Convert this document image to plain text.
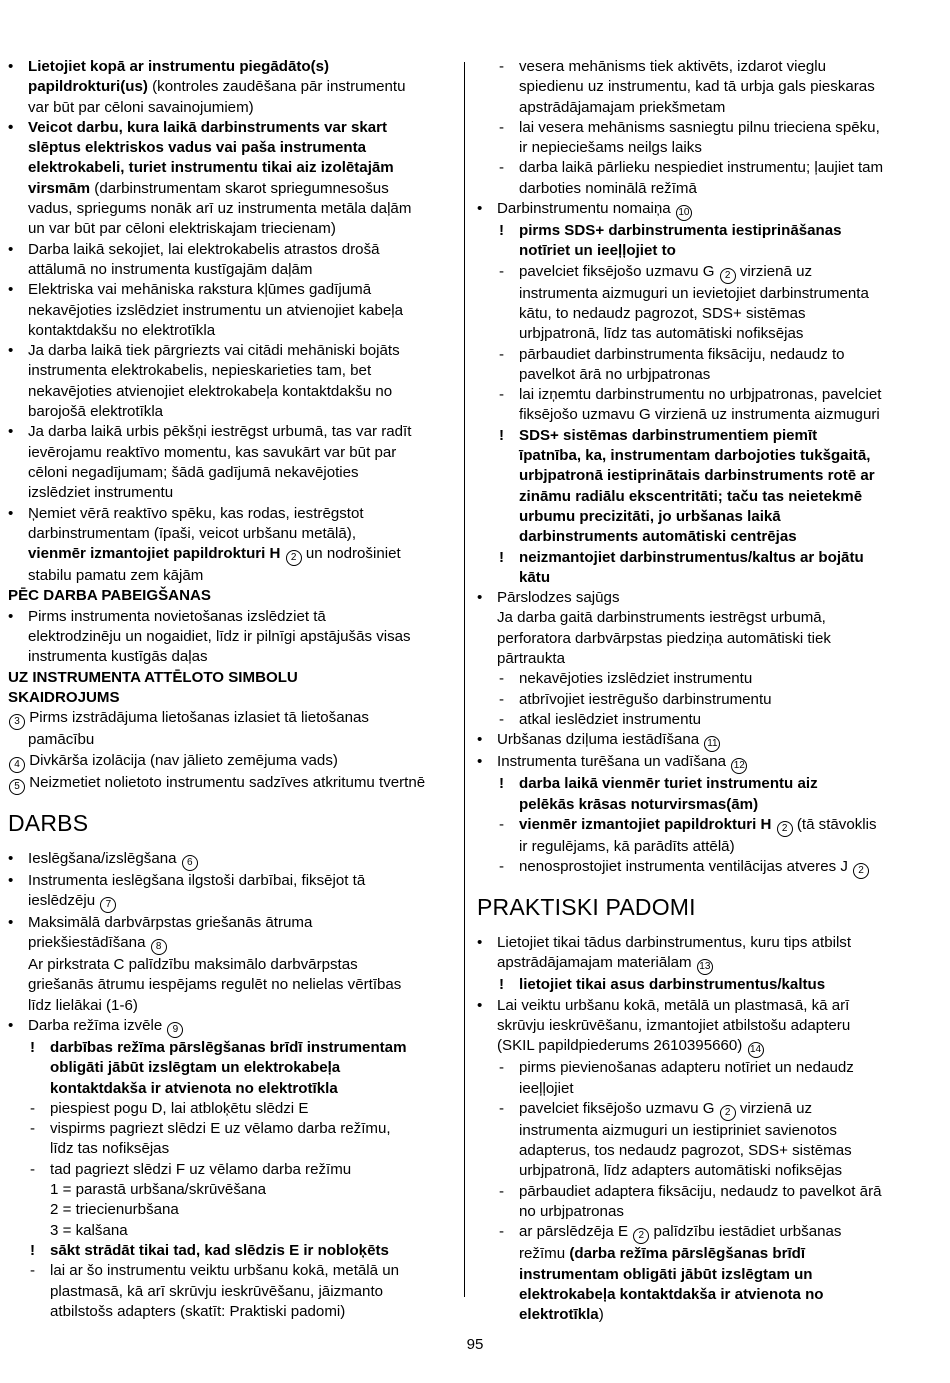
• Lietojiet kopā ar instrumentu piegādāto(s)
papildrokturi(us) (kontroles zaudēšana pār instrumentu
var būt par cēloni savainojumiem)
• Veicot darbu, kura laikā darbinstruments var skart
slēptus elektriskos vadus vai paša instrumenta
elektrokabeli, turiet instrumentu tikai aiz izolētajām
virsmām (darbinstrumentam skarot spriegumnesošus
vadus, spriegums nonāk arī uz instrumenta metāla daļām
un var būt par cēloni elektriskajam triecienam)
• Darba laikā sekojiet, lai elektrokabelis atrastos drošā
attālumā no instrumenta kustīgajām daļām
• Elektriska vai mehāniska rakstura kļūmes gadījumā
nekavējoties izslēdziet instrumentu un atvienojiet kabeļa
kontaktdakšu no elektrotīkla
• Ja darba laikā tiek pārgriezts vai citādi mehāniski bojāts
instrumenta elektrokabelis, nepieskarieties tam, bet
nekavējoties atvienojiet elektrokabeļa kontaktdakšu no
barojošā elektrotīkla
• Ja darba laikā urbis pēkšņi iestrēgst urbumā, tas var radīt
ievērojamu reaktīvo momentu, kas savukārt var būt par
cēloni negadījumam; šādā gadījumā nekavējoties
izslēdziet instrumentu
• Ņemiet vērā reaktīvo spēku, kas rodas, iestrēgstot
darbinstrumentam (īpaši, veicot urbšanu metālā),
vienmēr izmantojiet papildrokturi H 2 un nodrošiniet
stabilu pamatu zem kājām
PĒC DARBA PABEIGŠANAS
• Pirms instrumenta novietošanas izslēdziet tā
elektrodzinēju un nogaidiet, līdz ir pilnīgi apstājušās visas
instrumenta kustīgās daļas
UZ INSTRUMENTA ATTĒLOTO SIMBOLU
SKAIDROJUMS
3 Pirms izstrādājuma lietošanas izlasiet tā lietošanas
pamācību
4 Divkārša izolācija (nav jālieto zemējuma vads)
5 Neizmetiet nolietoto instrumentu sadzīves atkritumu tvertnē
DARBS
• Ieslēgšana/izslēgšana 6
• Instrumenta ieslēgšana ilgstoši darbībai, fiksējot tā
ieslēdzēju 7
• Maksimālā darbvārpstas griešanās ātruma
priekšiestādīšana 8
Ar pirkstrata C palīdzību maksimālo darbvārpstas
griešanās ātrumu iespējams regulēt no nelielas vērtības
līdz lielākai (1-6)
• Darba režīma izvēle 9
! darbības režīma pārslēgšanas brīdī instrumentam
obligāti jābūt izslēgtam un elektrokabeļa
kontaktdakša ir atvienota no elektrotīkla
- piespiest pogu D, lai atbloķētu slēdzi E
- vispirms pagriezt slēdzi E uz vēlamo darba režīmu,
līdz tas nofiksējas
- tad pagriezt slēdzi F uz vēlamo darba režīmu
1 = parastā urbšana/skrūvēšana
2 = triecienurbšana
3 = kalšana
! sākt strādāt tikai tad, kad slēdzis E ir nobloķēts
- lai ar šo instrumentu veiktu urbšanu kokā, metālā un
plastmasā, kā arī skrūvju ieskrūvēšanu, jāizmanto
atbilstošs adapters (skatīt: Praktiski padomi)
- vesera mehānisms tiek aktivēts, izdarot vieglu
spiedienu uz instrumentu, kad tā urbja gals pieskaras
apstrādājamajam priekšmetam
- lai vesera mehānisms sasniegtu pilnu trieciena spēku,
ir nepieciešams neilgs laiks
- darba laikā pārlieku nespiediet instrumentu; ļaujiet tam
darboties nominālā režīmā
• Darbinstrumentu nomaiņa 10
! pirms SDS+ darbinstrumenta iestiprināšanas
notīriet un ieeļļojiet to
- pavelciet fiksējošo uzmavu G 2 virzienā uz
instrumenta aizmuguri un ievietojiet darbinstrumenta
kātu, to nedaudz pagrozot, SDS+ sistēmas
urbjpatronā, līdz tas automātiski nofiksējas
- pārbaudiet darbinstrumenta fiksāciju, nedaudz to
pavelkot ārā no urbjpatronas
- lai izņemtu darbinstrumentu no urbjpatronas, pavelciet
fiksējošo uzmavu G virzienā uz instrumenta aizmuguri
! SDS+ sistēmas darbinstrumentiem piemīt
īpatnība, ka, instrumentam darbojoties tukšgaitā,
urbjpatronā iestiprinātais darbinstruments rotē ar
zināmu radiālu ekscentritāti; taču tas neietekmē
urbumu precizitāti, jo urbšanas laikā
darbinstruments automātiski centrējas
! neizmantojiet darbinstrumentus/kaltus ar bojātu
kātu
• Pārslodzes sajūgs
Ja darba gaitā darbinstruments iestrēgst urbumā,
perforatora darbvārpstas piedziņa automātiski tiek
pārtraukta
- nekavējoties izslēdziet instrumentu
- atbrīvojiet iestrēgušo darbinstrumentu
- atkal ieslēdziet instrumentu
• Urbšanas dziļuma iestādīšana 11
• Instrumenta turēšana un vadīšana 12
! darba laikā vienmēr turiet instrumentu aiz
pelēkās krāsas noturvirsmas(ām)
- vienmēr izmantojiet papildrokturi H 2 (tā stāvoklis
ir regulējams, kā parādīts attēlā)
- nenosprostojiet instrumenta ventilācijas atveres J 2
PRAKTISKI PADOMI
• Lietojiet tikai tādus darbinstrumentus, kuru tips atbilst
apstrādājamajam materiālam 13
! lietojiet tikai asus darbinstrumentus/kaltus
• Lai veiktu urbšanu kokā, metālā un plastmasā, kā arī
skrūvju ieskrūvēšanu, izmantojiet atbilstošu adapteru
(SKIL papildpiederums 2610395660) 14
- pirms pievienošanas adapteru notīriet un nedaudz
ieeļļojiet
- pavelciet fiksējošo uzmavu G 2 virzienā uz
instrumenta aizmuguri un iestipriniet savienotos
adapterus, tos nedaudz pagrozot, SDS+ sistēmas
urbjpatronā, līdz adapters automātiski nofiksējas
- pārbaudiet adaptera fiksāciju, nedaudz to pavelkot ārā
no urbjpatronas
- ar pārslēdzēja E 2 palīdzību iestādiet urbšanas
režīmu (darba režīma pārslēgšanas brīdī
instrumentam obligāti jābūt izslēgtam un
elektrokabeļa kontaktdakša ir atvienota no
elektrotīkla)
95
